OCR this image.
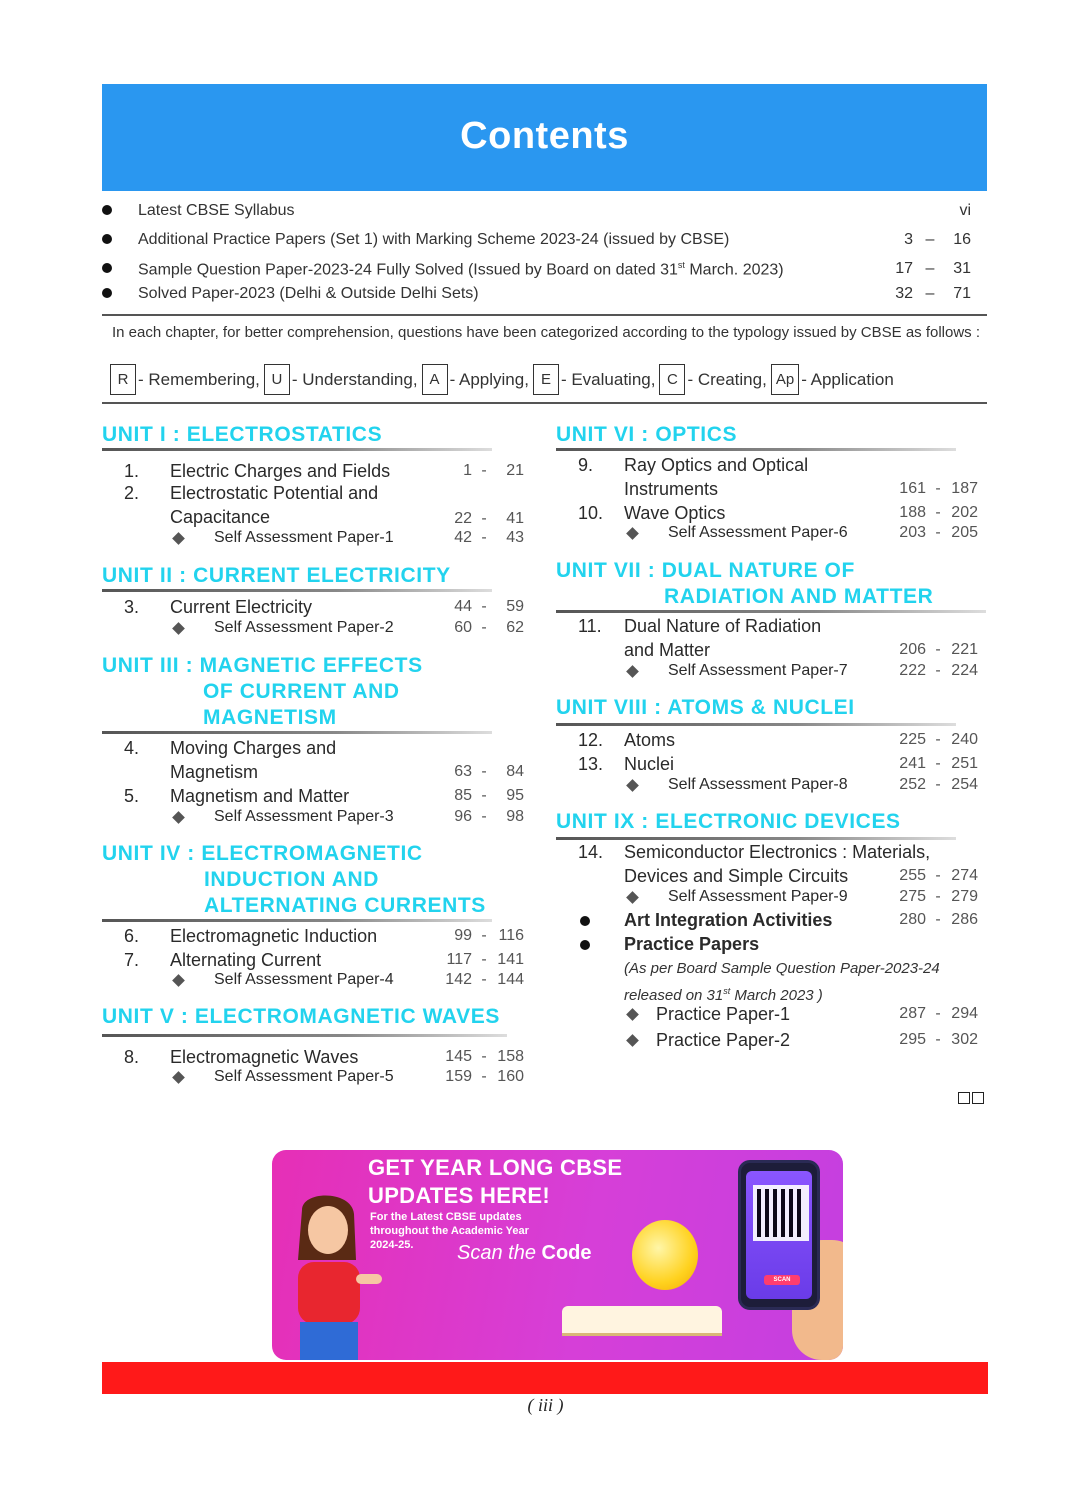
Contents
Latest CBSE Syllabus	vi
Additional Practice Papers (Set 1) with Marking Scheme 2023-24 (issued by CBSE)	3 –	16
Sample Question Paper-2023-24 Fully Solved (Issued by Board on dated 31st March. 2023)	17 –	31
Solved Paper-2023 (Delhi & Outside Delhi Sets)	32 –	71
In each chapter, for better comprehension, questions have been categorized according to the typology issued by CBSE as follows :
R - Remembering, U - Understanding, A - Applying, E - Evaluating, C - Creating, Ap - Application
UNIT I : ELECTROSTATICS
1. Electric Charges and Fields	1 -	21
2. Electrostatic Potential and
Capacitance	22 -	41
Self Assessment Paper-1	42 -	43
UNIT II : CURRENT ELECTRICITY
3. Current Electricity	44 -	59
Self Assessment Paper-2	60 -	62
UNIT III : MAGNETIC EFFECTS
OF CURRENT AND
MAGNETISM
4. Moving Charges and
Magnetism	63 -	84
5. Magnetism and Matter	85 -	95
Self Assessment Paper-3	96 -	98
UNIT IV : ELECTROMAGNETIC
INDUCTION AND
ALTERNATING CURRENTS
6. Electromagnetic Induction	99 - 116
7. Alternating Current	117 - 141
Self Assessment Paper-4	142 - 144
UNIT V : ELECTROMAGNETIC WAVES
8. Electromagnetic Waves	145 - 158
Self Assessment Paper-5	159 - 160
UNIT VI : OPTICS
9. Ray Optics and Optical
Instruments	161 - 187
10. Wave Optics	188 - 202
Self Assessment Paper-6	203 - 205
UNIT VII : DUAL NATURE OF
RADIATION AND MATTER
11. Dual Nature of Radiation
and Matter	206 - 221
Self Assessment Paper-7	222 - 224
UNIT VIII : ATOMS & NUCLEI
12. Atoms	225 - 240
13. Nuclei	241 - 251
Self Assessment Paper-8	252 - 254
UNIT IX : ELECTRONIC DEVICES
14. Semiconductor Electronics : Materials,
Devices and Simple Circuits	255 - 274
Self Assessment Paper-9	275 - 279
Art Integration Activities	280 - 286
Practice Papers
(As per Board Sample Question Paper-2023-24
released on 31st March 2023 )
Practice Paper-1	287 - 294
Practice Paper-2	295 - 302
GET YEAR LONG CBSE
UPDATES HERE!
For the Latest CBSE updates
throughout the Academic Year
2024-25.	Scan the Code
SCAN
( iii )
